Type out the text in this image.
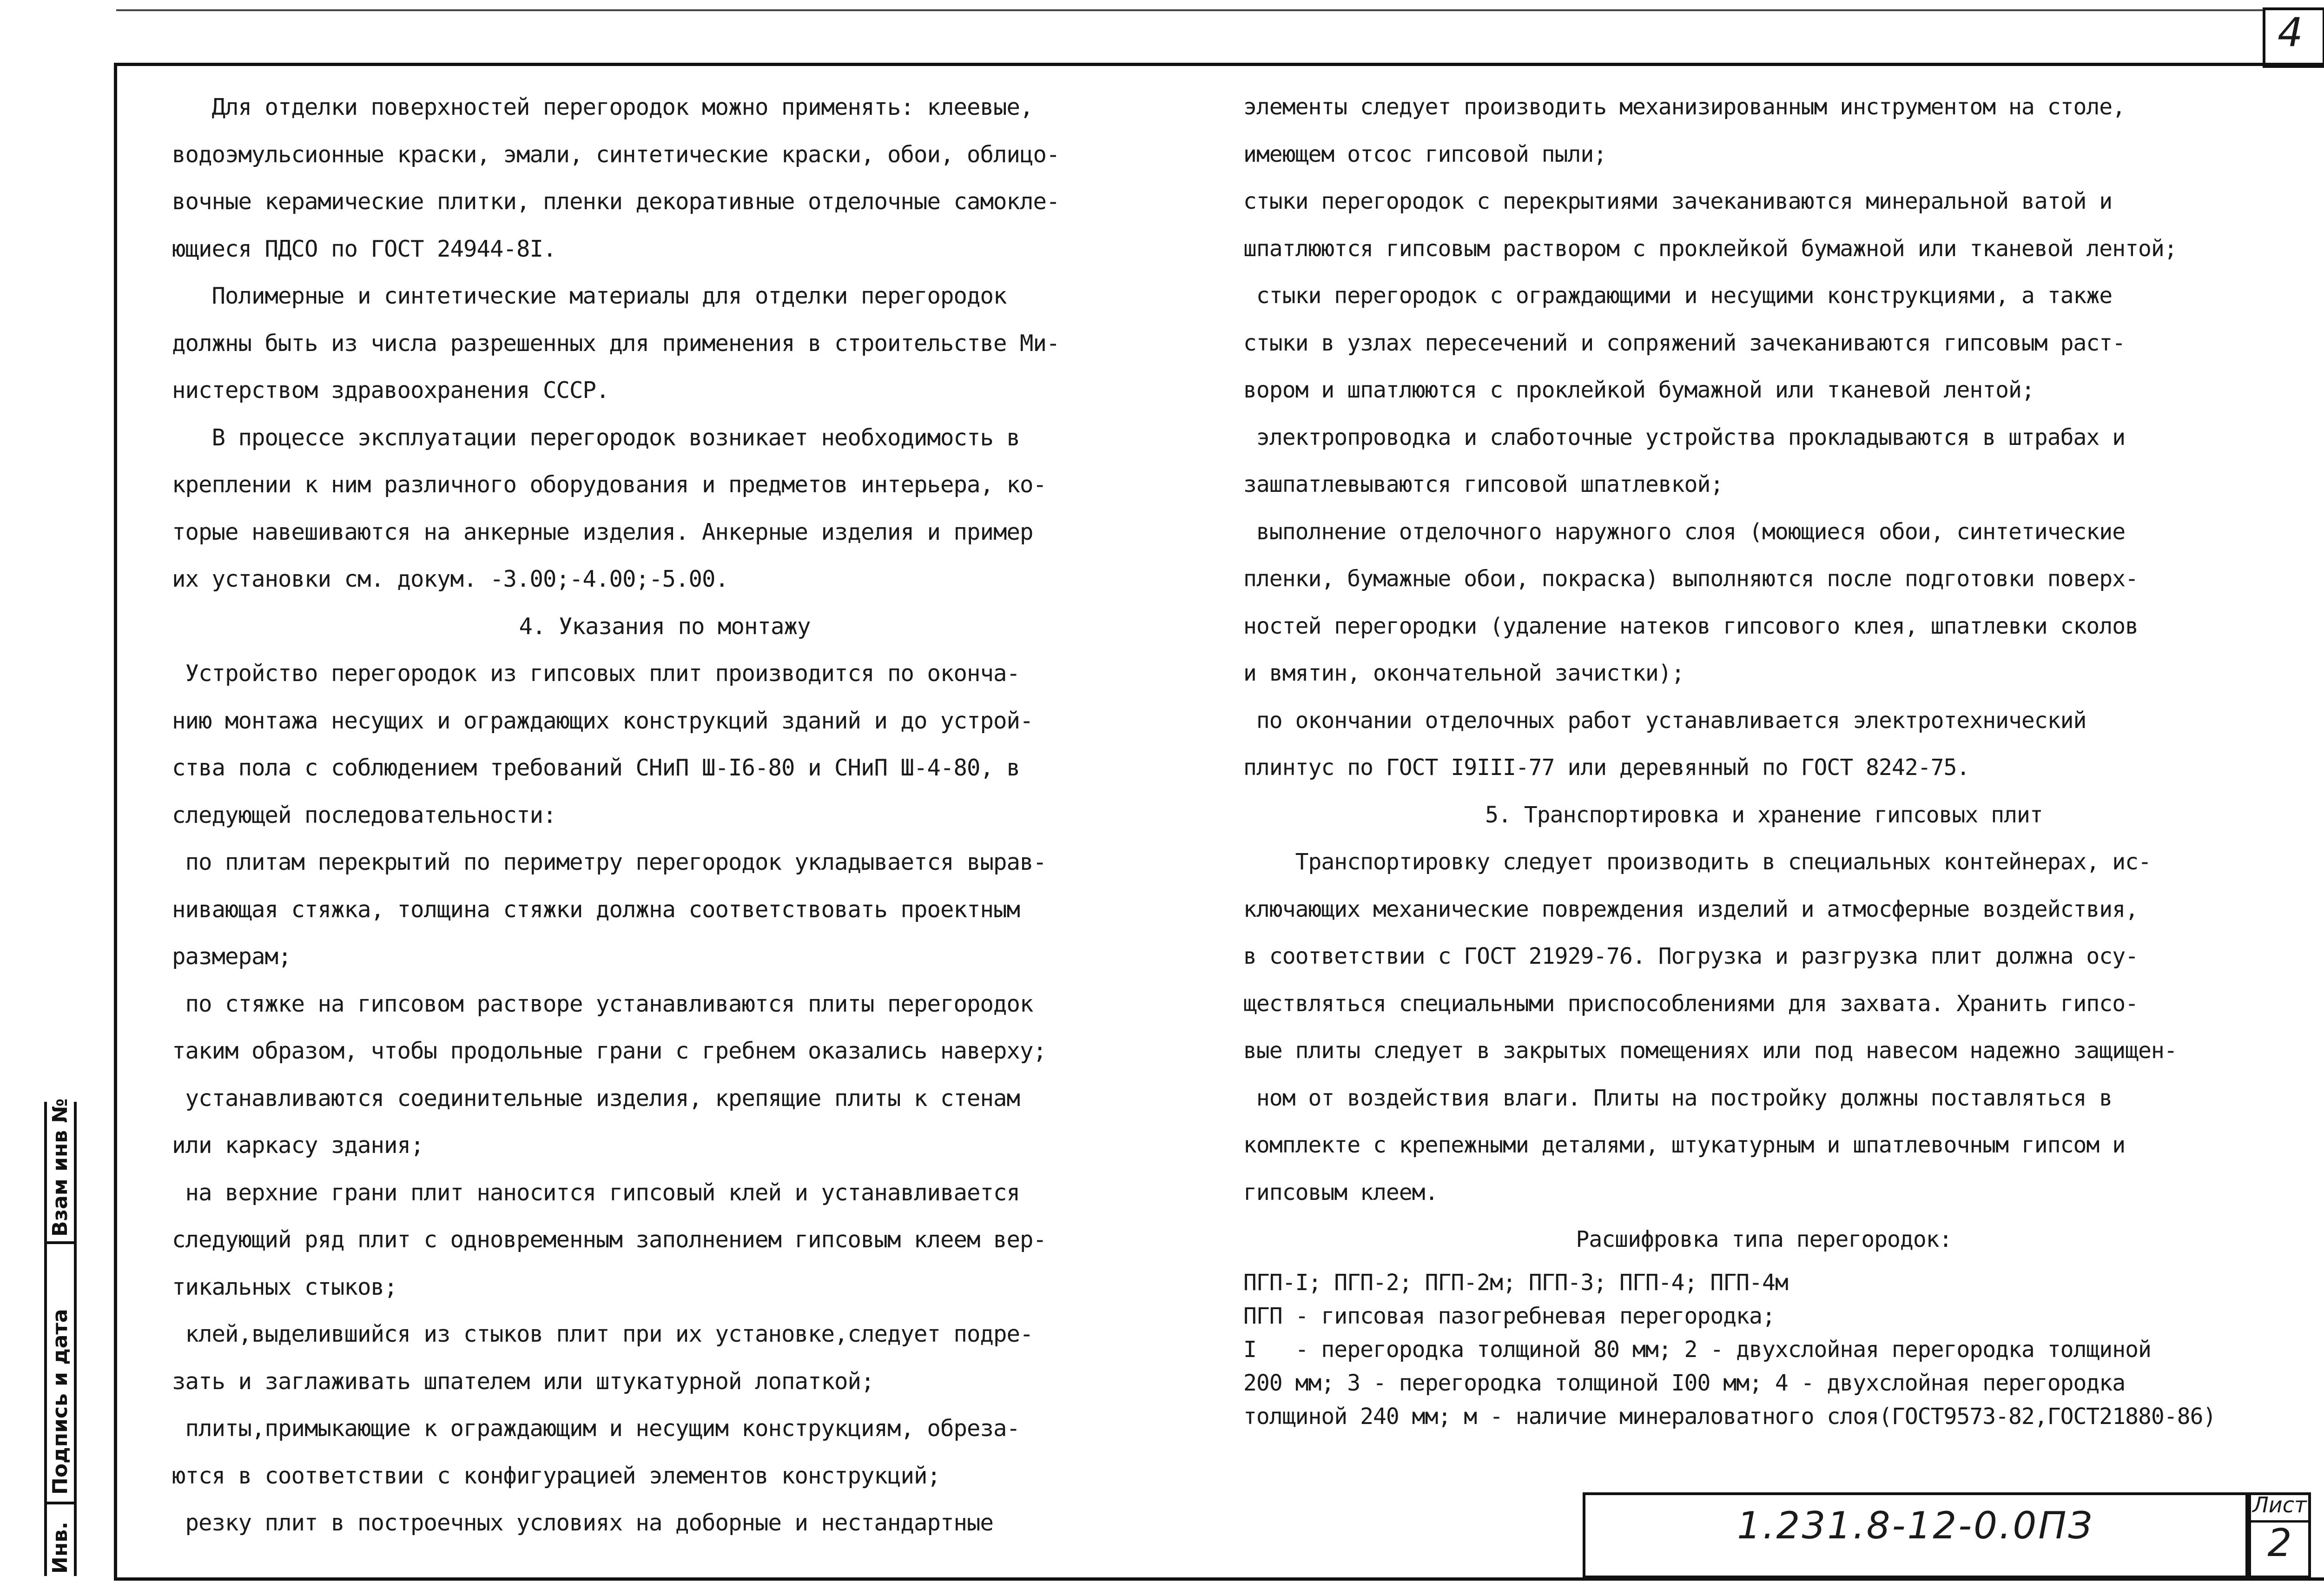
4

Для отделки поверхностей перегородок можно применять: клеевые,

водоэмульсионные краски, эмали, синтетические краски, обои, облицо-

вочные керамические плитки, пленки декоративные отделочные самокле-

ющиеся ПДСО по ГОСТ 24944-8I.

Полимерные и синтетические материалы для отделки перегородок

должны быть из числа разрешенных для применения в строительстве Ми-

нистерством здравоохранения СССР.

В процессе эксплуатации перегородок возникает необходимость в

креплении к ним различного оборудования и предметов интерьера, ко-

торые навешиваются на анкерные изделия. Анкерные изделия и пример

их установки см. докум. -3.00;-4.00;-5.00.

4. Указания по монтажу

Устройство перегородок из гипсовых плит производится по оконча-

нию монтажа несущих и ограждающих конструкций зданий и до устрой-

ства пола с соблюдением требований СНиП Ш-I6-80 и СНиП Ш-4-80, в

следующей последовательности:

по плитам перекрытий по периметру перегородок укладывается вырав-

нивающая стяжка, толщина стяжки должна соответствовать проектным

размерам;

по стяжке на гипсовом растворе устанавливаются плиты перегородок

таким образом, чтобы продольные грани с гребнем оказались наверху;

устанавливаются соединительные изделия, крепящие плиты к стенам

или каркасу здания;

на верхние грани плит наносится гипсовый клей и устанавливается

следующий ряд плит с одновременным заполнением гипсовым клеем вер-

тикальных стыков;

клей,выделившийся из стыков плит при их установке,следует подре-

зать и заглаживать шпателем или штукатурной лопаткой;

плиты,примыкающие к ограждающим и несущим конструкциям, обреза-

ются в соответствии с конфигурацией элементов конструкций;

резку плит в построечных условиях на доборные и нестандартные

элементы следует производить механизированным инструментом на столе,

имеющем отсос гипсовой пыли;

стыки перегородок с перекрытиями зачеканиваются минеральной ватой и

шпатлюются гипсовым раствором с проклейкой бумажной или тканевой лентой;

стыки перегородок с ограждающими и несущими конструкциями, а также

стыки в узлах пересечений и сопряжений зачеканиваются гипсовым раст-

вором и шпатлюются с проклейкой бумажной или тканевой лентой;

электропроводка и слаботочные устройства прокладываются в штрабах и

зашпатлевываются гипсовой шпатлевкой;

выполнение отделочного наружного слоя (моющиеся обои, синтетические

пленки, бумажные обои, покраска) выполняются после подготовки поверх-

ностей перегородки (удаление натеков гипсового клея, шпатлевки сколов

и вмятин, окончательной зачистки);

по окончании отделочных работ устанавливается электротехнический

плинтус по ГОСТ I9III-77 или деревянный по ГОСТ 8242-75.

5. Транспортировка и хранение гипсовых плит

Транспортировку следует производить в специальных контейнерах, ис-

ключающих механические повреждения изделий и атмосферные воздействия,

в соответствии с ГОСТ 21929-76. Погрузка и разгрузка плит должна осу-

ществляться специальными приспособлениями для захвата. Хранить гипсо-

вые плиты следует в закрытых помещениях или под навесом надежно защищен-

ном от воздействия влаги. Плиты на постройку должны поставляться в

комплекте с крепежными деталями, штукатурным и шпатлевочным гипсом и

гипсовым клеем.

Расшифровка типа перегородок:

ПГП-I; ПГП-2; ПГП-2м; ПГП-3; ПГП-4; ПГП-4м

ПГП - гипсовая пазогребневая перегородка;

I   - перегородка толщиной 80 мм; 2 - двухслойная перегородка толщиной

200 мм; 3 - перегородка толщиной I00 мм; 4 - двухслойная перегородка

толщиной 240 мм; м - наличие минераловатного слоя(ГОСТ9573-82,ГОСТ21880-86)

Взам инв №
Подпись и дата
Инв.	1.231.8-12-0.0ПЗ	Лист
2
